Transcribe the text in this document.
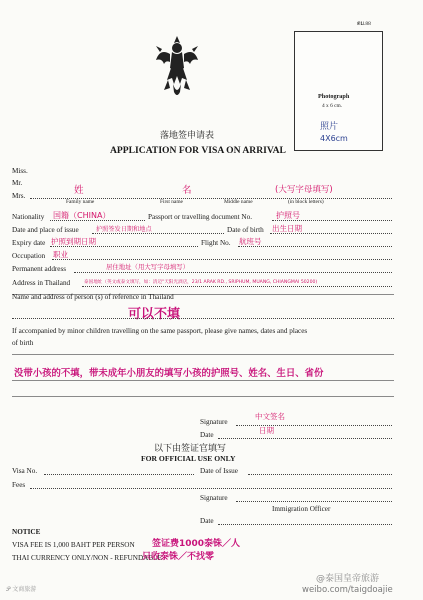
ตม.88
Photograph
4 x 6 cm.
照片
4X6cm
落地签申请表
APPLICATION FOR VISA ON ARRIVAL
Miss.
Mr.
Mrs.	姓	名	(大写字母填写)
Family name	First name	Middle name	(in block letters)
Nationality 国籍（CHINA）	Passport or travelling document No.	护照号
Date and place of issue	护照签发日期和地点	Date of birth 出生日期
Expiry date 护照到期日期	Flight No. 航班号
Occupation 职业
Permanent address	居住地址（用大写字母填写）
Address in Thailand	泰国地址（英文或泰文填写，如：清迈"天阳光酒店，23/1 ARAK RD., SRIPHUM, MUANG, CHIANGMAI 50200)
Name and address of person (s) of reference in Thailand
可以不填
If accompanied by minor children travelling on the same passport, please give names, dates and places
of birth
没带小孩的不填，带未成年小朋友的填写小孩的护照号、姓名、生日、省份
Signature
中文签名
Date	日期
以下由签证官填写
FOR OFFICIAL USE ONLY
Visa No.	Date of Issue
Fees
Signature
Immigration Officer
Date
NOTICE
VISA FEE IS 1,000 BAHT PER PERSON 签证费1000泰铢／人
THAI CURRENCY ONLY/NON - REFUNDABLE
只收泰铢／不找零
𝒫 文商旅游
@泰国皇帝旅游
weibo.com/taigdoajie
